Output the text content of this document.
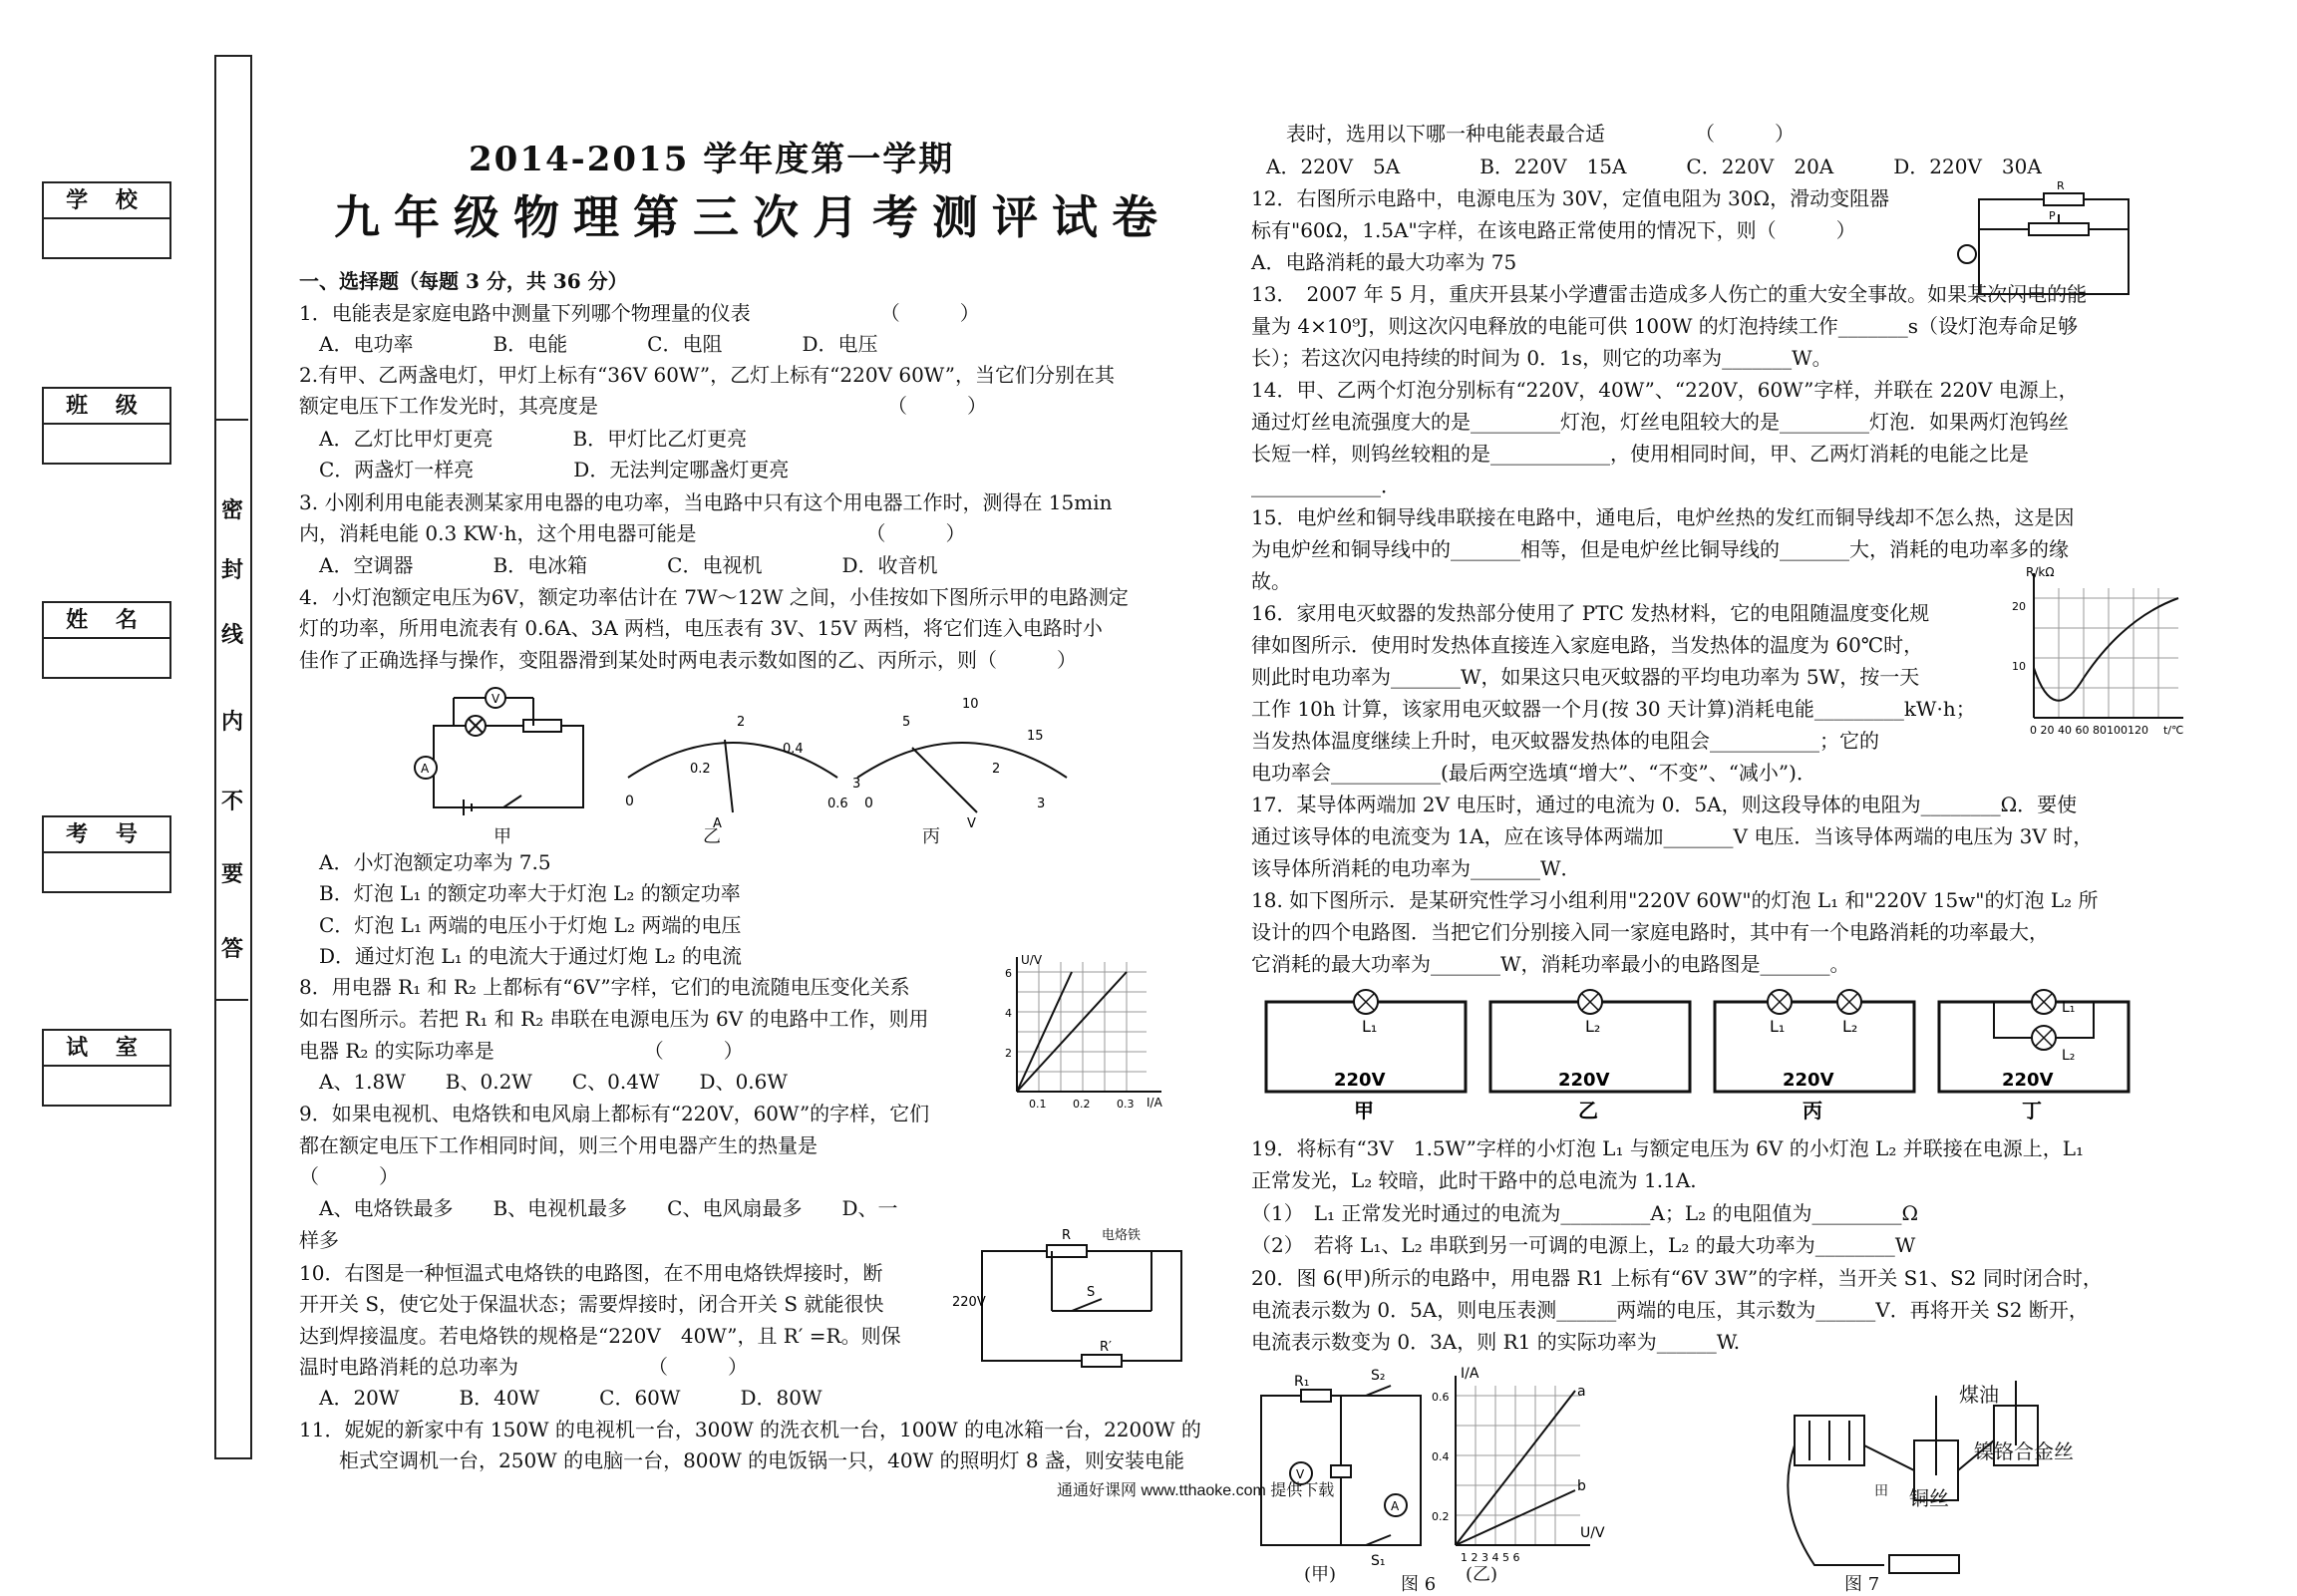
学 校
班 级
姓 名
考 号
试 室
密
封
线
内
不
要
答
2014-2015 学年度第一学期
九年级物理第三次月考测评试卷
一、选择题（每题 3 分，共 36 分）
1．电能表是家庭电路中测量下列哪个物理量的仪表　　　　　　　（　　　）
　A．电功率　　　　B．电能　　　　C．电阻　　　　D．电压
2.有甲、乙两盏电灯，甲灯上标有“36V 60W”，乙灯上标有“220V 60W”，当它们分别在其
额定电压下工作发光时，其亮度是　　　　　　　　　　　　　　　（　　　）
　A．乙灯比甲灯更亮　　　　B．甲灯比乙灯更亮
　C．两盏灯一样亮　　　　　D．无法判定哪盏灯更亮
3. 小刚利用电能表测某家用电器的电功率，当电路中只有这个用电器工作时，测得在 15min
内，消耗电能 0.3 KW·h，这个用电器可能是　　　　　　　　　（　　　）
　A．空调器　　　　B．电冰箱　　　　C．电视机　　　　D．收音机
4．小灯泡额定电压为6V，额定功率估计在 7W～12W 之间，小佳按如下图所示甲的电路测定
灯的功率，所用电流表有 0.6A、3A 两档，电压表有 3V、15V 两档，将它们连入电路时小
佳作了正确选择与操作，变阻器滑到某处时两电表示数如图的乙、丙所示，则（　　　）
V
A
0
0.2
2
0.4
0.6
3
A
0
5
10
15
2
3
V
甲	乙	丙
A．小灯泡额定功率为 7.5
B．灯泡 L₁ 的额定功率大于灯泡 L₂ 的额定功率
C．灯泡 L₁ 两端的电压小于灯炮 L₂ 两端的电压
D．通过灯泡 L₁ 的电流大于通过灯炮 L₂ 的电流	U/V
I/A
2
4
6
0.1 0.2 0.3
8．用电器 R₁ 和 R₂ 上都标有“6V”字样，它们的电流随电压变化关系
如右图所示。若把 R₁ 和 R₂ 串联在电源电压为 6V 的电路中工作，则用
电器 R₂ 的实际功率是　　　　　　　　（　　　）
　A、1.8W　　B、0.2W　　C、0.4W　　D、0.6W
9．如果电视机、电烙铁和电风扇上都标有“220V，60W”的字样，它们
都在额定电压下工作相同时间，则三个用电器产生的热量是
（　　　）
　A、电烙铁最多　　B、电视机最多　　C、电风扇最多　　D、一
样多
10．右图是一种恒温式电烙铁的电路图，在不用电烙铁焊接时，断
开开关 S，使它处于保温状态；需要焊接时，闭合开关 S 就能很快
达到焊接温度。若电烙铁的规格是“220V　40W”，且 R′ =R。则保
温时电路消耗的总功率为　　　　　　　（　　　）
　A．20W　　　B．40W　　　C．60W　　　D．80W
11．妮妮的新家中有 150W 的电视机一台，300W 的洗衣机一台，100W 的电冰箱一台，2200W 的
　　柜式空调机一台，250W 的电脑一台，800W 的电饭锅一只，40W 的照明灯 8 盏，则安装电能
R 电烙铁
220V
S
R′
表时，选用以下哪一种电能表最合适　　　　　（　　　）
A．220V　5A　　　　B．220V　15A　　　C．220V　20A　　　D．220V　30A
12．右图所示电路中，电源电压为 30V，定值电阻为 30Ω，滑动变阻器
标有"60Ω，1.5A"字样，在该电路正常使用的情况下，则（　　　）
A．电路消耗的最大功率为 75
13．　2007 年 5 月，重庆开县某小学遭雷击造成多人伤亡的重大安全事故。如果某次闪电的能
量为 4×10⁹J，则这次闪电释放的电能可供 100W 的灯泡持续工作_______s（设灯泡寿命足够
长）；若这次闪电持续的时间为 0．1s，则它的功率为_______W。
14．甲、乙两个灯泡分别标有“220V，40W”、“220V，60W”字样，并联在 220V 电源上，
通过灯丝电流强度大的是_________灯泡，灯丝电阻较大的是_________灯泡．如果两灯泡钨丝
长短一样，则钨丝较粗的是____________，使用相同时间，甲、乙两灯消耗的电能之比是
_____________．
15．电炉丝和铜导线串联接在电路中，通电后，电炉丝热的发红而铜导线却不怎么热，这是因
为电炉丝和铜导线中的_______相等，但是电炉丝比铜导线的_______大，消耗的电功率多的缘
故。
R
P
16．家用电灭蚊器的发热部分使用了 PTC 发热材料，它的电阻随温度变化规
律如图所示．使用时发热体直接连入家庭电路，当发热体的温度为 60℃时，
则此时电功率为_______W，如果这只电灭蚊器的平均电功率为 5W，按一天
工作 10h 计算，该家用电灭蚊器一个月(按 30 天计算)消耗电能_________kW·h；
当发热体温度继续上升时，电灭蚊器发热体的电阻会___________；它的
电功率会___________(最后两空选填“增大”、“不变”、“减小”)．
R/kΩ
20
10
0 20 40 60 80100120 t/℃
17．某导体两端加 2V 电压时，通过的电流为 0．5A，则这段导体的电阻为________Ω．要使
通过该导体的电流变为 1A，应在该导体两端加_______V 电压．当该导体两端的电压为 3V 时，
该导体所消耗的电功率为_______W．
18. 如下图所示．是某研究性学习小组利用"220V 60W"的灯泡 L₁ 和"220V 15w"的灯泡 L₂ 所
设计的四个电路图．当把它们分别接入同一家庭电路时，其中有一个电路消耗的功率最大，
它消耗的最大功率为_______W，消耗功率最小的电路图是_______。
L₁	L₂	L₁	L₂
L₁
L₂
220V	220V	220V	220V
甲	乙	丙	丁
19．将标有“3V　1.5W”字样的小灯泡 L₁ 与额定电压为 6V 的小灯泡 L₂ 并联接在电源上，L₁
正常发光，L₂ 较暗，此时干路中的总电流为 1.1A.
（1）　L₁ 正常发光时通过的电流为_________A；L₂ 的电阻值为_________Ω
（2）　若将 L₁、L₂ 串联到另一可调的电源上，L₂ 的最大功率为________W
20．图 6(甲)所示的电路中，用电器 R1 上标有“6V 3W”的字样，当开关 S1、S2 同时闭合时，
电流表示数为 0．5A，则电压表测______两端的电压，其示数为______V．再将开关 S2 断开，
电流表示数变为 0．3A，则 R1 的实际功率为______W.
R₁	S₂
S₁
V
A
I/A
U/V
a
b
0.6
0.4
0.2
1 2 3 4 5 6
(甲)	(乙)
图 6
煤油
镍铬合金丝
铜丝
田
图 7
通通好课网 www.tthaoke.com 提供下载
